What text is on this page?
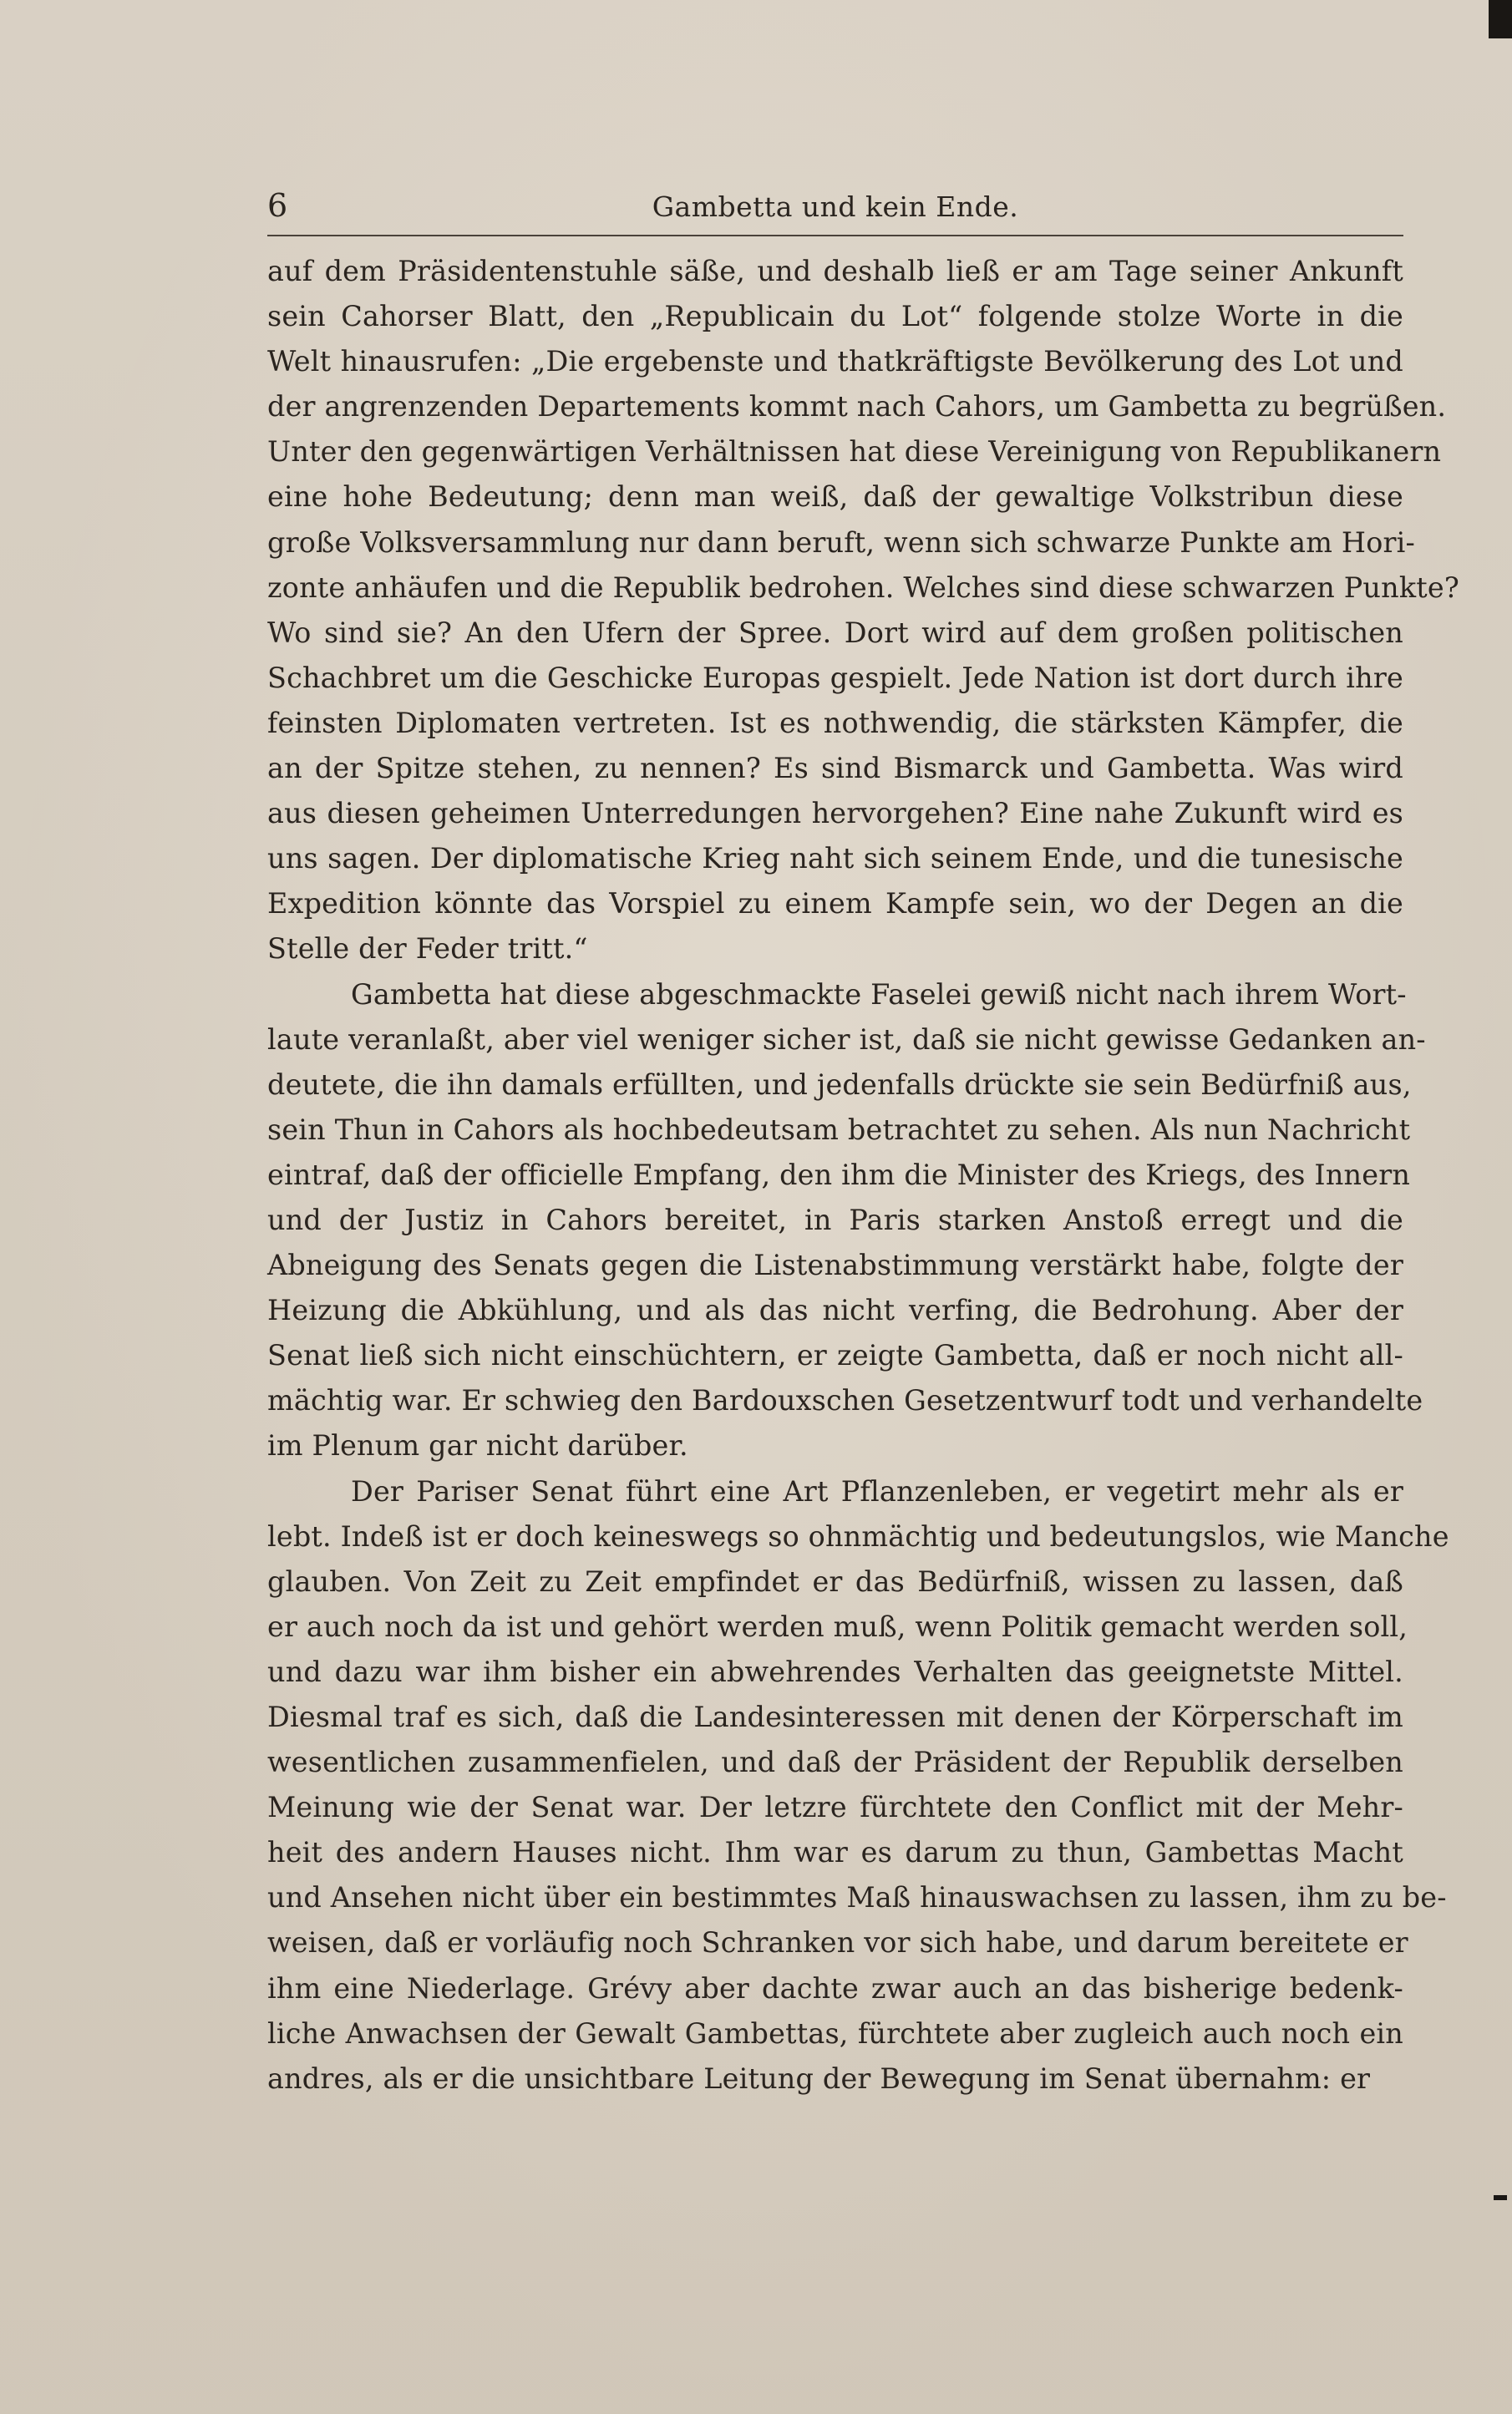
6	Gambetta und kein Ende.
auf dem Präsidentenstuhle säße, und deshalb ließ er am Tage seiner Ankunft
sein Cahorser Blatt, den „Republicain du Lot“ folgende stolze Worte in die
Welt hinausrufen: „Die ergebenste und thatkräftigste Bevölkerung des Lot und
der angrenzenden Departements kommt nach Cahors, um Gambetta zu begrüßen.
Unter den gegenwärtigen Verhältnissen hat diese Vereinigung von Republikanern
eine hohe Bedeutung; denn man weiß, daß der gewaltige Volkstribun diese
große Volksversammlung nur dann beruft, wenn sich schwarze Punkte am Hori-
zonte anhäufen und die Republik bedrohen. Welches sind diese schwarzen Punkte?
Wo sind sie? An den Ufern der Spree. Dort wird auf dem großen politischen
Schachbret um die Geschicke Europas gespielt. Jede Nation ist dort durch ihre
feinsten Diplomaten vertreten. Ist es nothwendig, die stärksten Kämpfer, die
an der Spitze stehen, zu nennen? Es sind Bismarck und Gambetta. Was wird
aus diesen geheimen Unterredungen hervorgehen? Eine nahe Zukunft wird es
uns sagen. Der diplomatische Krieg naht sich seinem Ende, und die tunesische
Expedition könnte das Vorspiel zu einem Kampfe sein, wo der Degen an die
Stelle der Feder tritt.“
Gambetta hat diese abgeschmackte Faselei gewiß nicht nach ihrem Wort-
laute veranlaßt, aber viel weniger sicher ist, daß sie nicht gewisse Gedanken an-
deutete, die ihn damals erfüllten, und jedenfalls drückte sie sein Bedürfniß aus,
sein Thun in Cahors als hochbedeutsam betrachtet zu sehen. Als nun Nachricht
eintraf, daß der officielle Empfang, den ihm die Minister des Kriegs, des Innern
und der Justiz in Cahors bereitet, in Paris starken Anstoß erregt und die
Abneigung des Senats gegen die Listenabstimmung verstärkt habe, folgte der
Heizung die Abkühlung, und als das nicht verfing, die Bedrohung. Aber der
Senat ließ sich nicht einschüchtern, er zeigte Gambetta, daß er noch nicht all-
mächtig war. Er schwieg den Bardouxschen Gesetzentwurf todt und verhandelte
im Plenum gar nicht darüber.
Der Pariser Senat führt eine Art Pflanzenleben, er vegetirt mehr als er
lebt. Indeß ist er doch keineswegs so ohnmächtig und bedeutungslos, wie Manche
glauben. Von Zeit zu Zeit empfindet er das Bedürfniß, wissen zu lassen, daß
er auch noch da ist und gehört werden muß, wenn Politik gemacht werden soll,
und dazu war ihm bisher ein abwehrendes Verhalten das geeignetste Mittel.
Diesmal traf es sich, daß die Landesinteressen mit denen der Körperschaft im
wesentlichen zusammenfielen, und daß der Präsident der Republik derselben
Meinung wie der Senat war. Der letzre fürchtete den Conflict mit der Mehr-
heit des andern Hauses nicht. Ihm war es darum zu thun, Gambettas Macht
und Ansehen nicht über ein bestimmtes Maß hinauswachsen zu lassen, ihm zu be-
weisen, daß er vorläufig noch Schranken vor sich habe, und darum bereitete er
ihm eine Niederlage. Grévy aber dachte zwar auch an das bisherige bedenk-
liche Anwachsen der Gewalt Gambettas, fürchtete aber zugleich auch noch ein
andres, als er die unsichtbare Leitung der Bewegung im Senat übernahm: er
